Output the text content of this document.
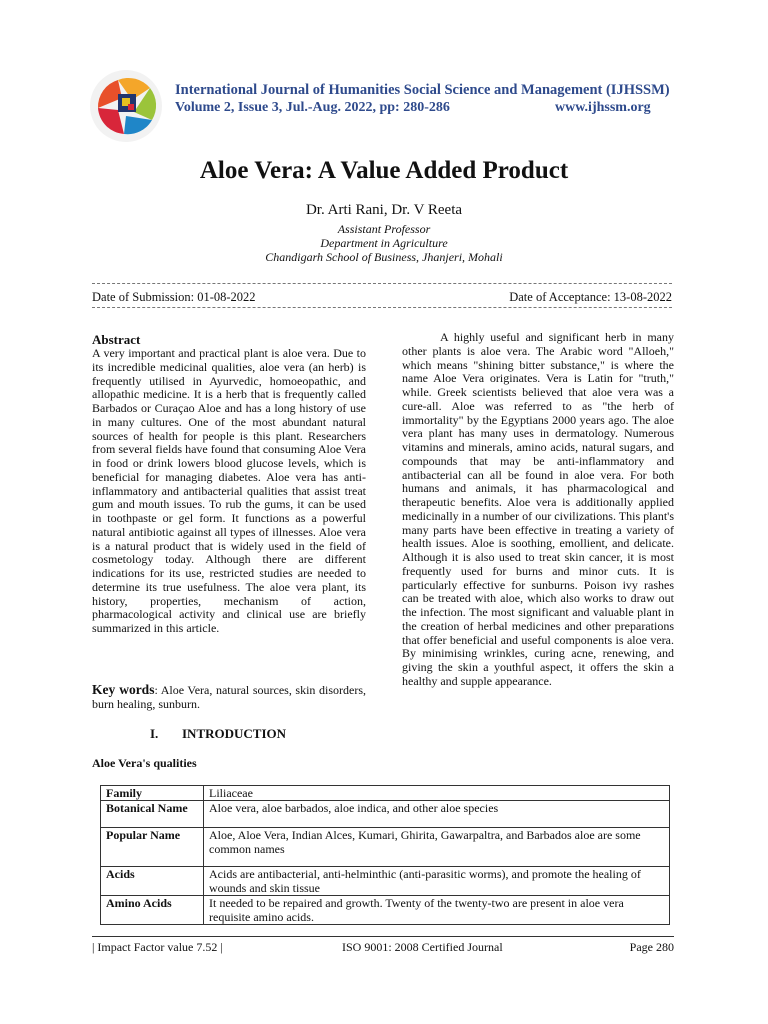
International Journal of Humanities Social Science and Management (IJHSSM)
Volume 2, Issue 3, Jul.-Aug. 2022, pp: 280-286	www.ijhssm.org
Aloe Vera: A Value Added Product
Dr. Arti Rani, Dr. V Reeta
Assistant Professor
Department in Agriculture
Chandigarh School of Business, Jhanjeri, Mohali
Date of Submission: 01-08-2022	Date of Acceptance: 13-08-2022
Abstract
A very important and practical plant is aloe vera. Due to its incredible medicinal qualities, aloe vera (an herb) is frequently utilised in Ayurvedic, homoeopathic, and allopathic medicine. It is a herb that is frequently called Barbados or Curaçao Aloe and has a long history of use in many cultures. One of the most abundant natural sources of health for people is this plant. Researchers from several fields have found that consuming Aloe Vera in food or drink lowers blood glucose levels, which is beneficial for managing diabetes. Aloe vera has anti-inflammatory and antibacterial qualities that assist treat gum and mouth issues. To rub the gums, it can be used in toothpaste or gel form. It functions as a powerful natural antibiotic against all types of illnesses. Aloe vera is a natural product that is widely used in the field of cosmetology today. Although there are different indications for its use, restricted studies are needed to determine its true usefulness. The aloe vera plant, its history, properties, mechanism of action, pharmacological activity and clinical use are briefly summarized in this article.
Key words: Aloe Vera, natural sources, skin disorders, burn healing, sunburn.
I. INTRODUCTION
A highly useful and significant herb in many other plants is aloe vera. The Arabic word "Alloeh," which means "shining bitter substance," is where the name Aloe Vera originates. Vera is Latin for "truth," while. Greek scientists believed that aloe vera was a cure-all. Aloe was referred to as "the herb of immortality" by the Egyptians 2000 years ago. The aloe vera plant has many uses in dermatology. Numerous vitamins and minerals, amino acids, natural sugars, and compounds that may be anti-inflammatory and antibacterial can all be found in aloe vera. For both humans and animals, it has pharmacological and therapeutic benefits. Aloe vera is additionally applied medicinally in a number of our civilizations. This plant's many parts have been effective in treating a variety of health issues. Aloe is soothing, emollient, and delicate. Although it is also used to treat skin cancer, it is most frequently used for burns and minor cuts. It is particularly effective for sunburns. Poison ivy rashes can be treated with aloe, which also works to draw out the infection. The most significant and valuable plant in the creation of herbal medicines and other preparations that offer beneficial and useful components is aloe vera. By minimising wrinkles, curing acne, renewing, and giving the skin a youthful aspect, it offers the skin a healthy and supple appearance.
Aloe Vera's qualities
Family	Liliaceae
Botanical Name	Aloe vera, aloe barbados, aloe indica, and other aloe species
Popular Name	Aloe, Aloe Vera, Indian Alces, Kumari, Ghirita, Gawarpaltra, and Barbados aloe are some common names
Acids	Acids are antibacterial, anti-helminthic (anti-parasitic worms), and promote the healing of wounds and skin tissue
Amino Acids	It needed to be repaired and growth. Twenty of the twenty-two are present in aloe vera requisite amino acids.
| Impact Factor value 7.52 |	ISO 9001: 2008 Certified Journal	Page 280
